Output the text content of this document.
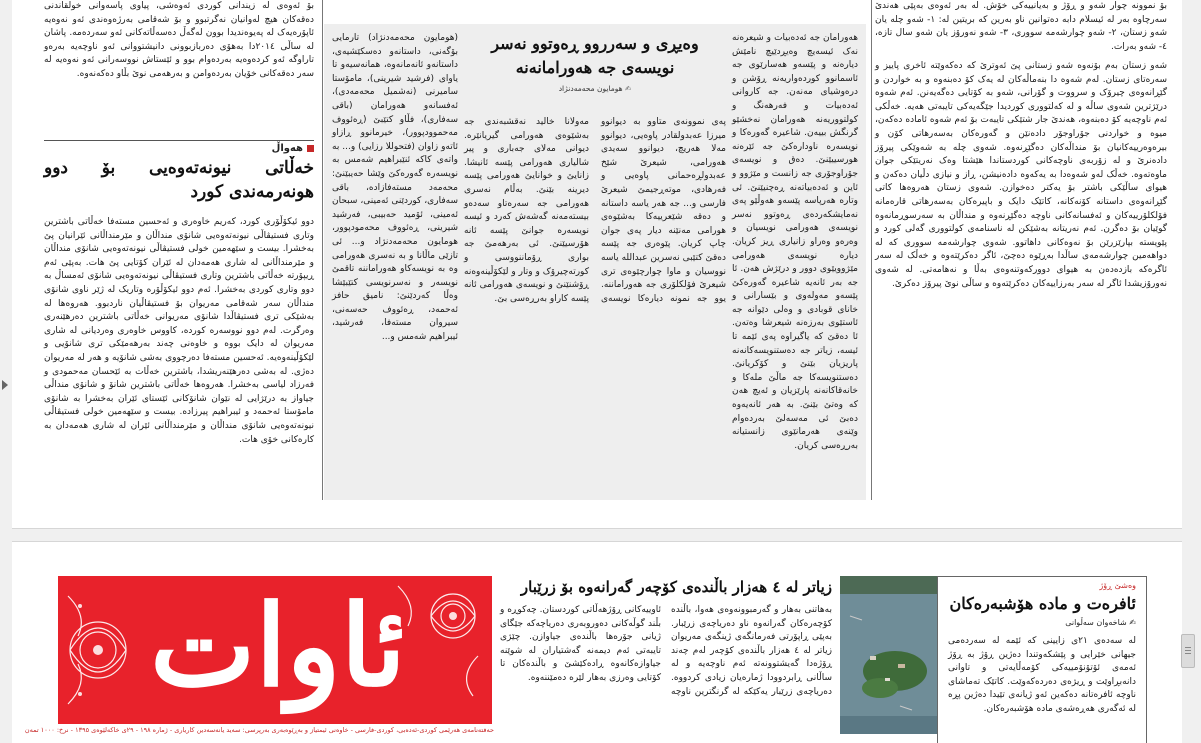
بۆ نموونە چوار شەو و ڕۆژ و بەیانییەکی خۆش. لە بەر ئەوەی بەپێی هەندێ سەرچاوە بەر لە ئیسلام دابە دەتوانین ناو بەرین کە بریتین لە: ١- شەو چلە یان شەو زستان، ٢- شەو چوارشەمە سووری، ٣- شەو نەورۆز یان شەو سال تازە، ٤- شەو بەرات.
شەو زستان بەم بۆنەوە شەو زستانی پێ ئەوترێ کە دەکەوێتە ئاخری پاییز و سەرەتای زستان. لەم شەوە دا بنەماڵەکان لە یەک کۆ دەبنەوە و بە خواردن و گێڕانەوەی چیرۆک و سرووت و گۆرانی، شەو بە کۆتایی دەگەیەنن. ئەم شەوە درێژترین شەوی ساڵە و لە کەلتووری کوردیدا جێگەیەکی تایبەتی هەیە. خەڵکی ئەم ناوچەیە کۆ دەبنەوە، هەندێ جار شتێکی تایبەت بۆ ئەم شەوە ئامادە دەکەن، میوە و خواردنی جۆراوجۆر دادەنێن و گەورەکان بەسەرهاتی کۆن و بیرەوەرییەکانیان بۆ منداڵەکان دەگێڕنەوە. شەوی چلە بە شەوێکی پیرۆز دادەنرێ و لە زۆربەی ناوچەکانی کوردستاندا هێشتا وەک نەریتێکی جوان ماوەتەوە. خەڵک لەو شەوەدا بە یەکەوە دادەنیشن، ڕاز و نیازی دڵیان دەکەن و هیوای ساڵێکی باشتر بۆ یەکتر دەخوازن. شەوی زستان هەروەها کاتی گێڕانەوەی داستانە کۆنەکانە، کاتێک دایک و باپیرەکان بەسەرهاتی قارەمانە فۆلکلۆرییەکان و ئەفسانەکانی ناوچە دەگێڕنەوە و منداڵان بە سەرسوڕمانەوە گوێیان بۆ دەگرن. ئەم نەریتانە بەشێکن لە ناسنامەی کولتووری گەلی کورد و پێویستە بپارێزرێن بۆ نەوەکانی داهاتوو. شەوی چوارشەمە سووری کە لە دواهەمین چوارشەمەی ساڵدا بەڕێوە دەچێ، ئاگر دەکرێتەوە و خەڵک لە سەر ئاگرەکە بازدەدەن بە هیوای دوورکەوتنەوەی بەڵا و نەهامەتی. لە شەوی نەورۆزیشدا ئاگر لە سەر بەرزاییەکان دەکرێتەوە و ساڵی نوێ پیرۆز دەکرێ.
وەیڕی و سەرروو ڕەوتوو نەسر نویسەی جە هەورامانەنە
✍ هومایون محەمەدنژاد
هەورامان جە ئەدەبیات و شیعرەنە نەک ئیسەیچ وەیڕدێیچ نامێش دیارەنە و پێسەو هەسارێوی جە ئاسمانوو کوردەواریەنە ڕۆشن و درەوشیای مەنەن. جە کاروانی ئەدەبیات و فەرهەنگ و کولتووریەنە هەورامان نەخشێو گرنگش بییەن. شاعیرە گەورەکا و نویسەرە ناودارەکێ جە ئێرەنە هورسییێنێ. دەق و نویسەی جۆراوجۆری جە زانست و مێژوو و ئاین و ئەدەبیاتەنە ڕەچنیێنێ. ئی وتارە هەرپاسە پێسەو هەوڵێو پەی نەمایشکەردەی ڕەوتوو نەسر نویسەی هەورامی نویسیان و وەرەو وەراو زانیاری ڕیز کریان. دیارە نویسەی هەورامی مێژوویێوی دوور و درێژش هەن. ئا جە بەر ئانەیە شاعیرە گەورەکێ پێسەو مەولەوی و بێسارانی و خانای قوبادی و وەلی دێوانە جە ئاستێوی بەرزەنە شیعرشا وەتەن. ئا دەقێ کە یاگیراوە پەی ئێمە تا ئیسە، زیاتر جە دەستنویسەکانەنە پاریزیان بێنێ و کۆکریانێ. دەستنویسەکا جە ماڵێ ملەکا و خانەقاکانەنە پارێزیان و ئەیچ هەن کە وەتێ بێنێ. بە هەر ئانەیەوە دەبێ ئی مەسەلێ بەردەوام وێنەی هەرمانێوی زانستیانە بەرڕەسی کریان.
پەی نموونەی متاوو بە دیوانوو میرزا عەبدولقادر پاوەیی، دیوانوو مەلا هەریچ، دیوانوو سەیدی هەورامی، شیعرێ شێخ عەبدولڕەحمانی پاوەیی و فەرهادی، موتەڕجیمێ شیعرێ فارسی و... جە هەر یاسە داستانە و دەقە شێعرییەکا بەشێوەی هورامی مەنێنە دیار پەی جوان چاپ کریان. پێوەری جە پێسە دەقێ کتێبی نەسرین عبدالله یاسە نووسیان و ماوا چوارچێوەی تری شیعرێ فۆلکلۆری جە هەوراماننە. یوو جە نمونە دیارەکا نویسەی مەولانا خالید نەقشبەندی جە بەشێوەی هەورامی گیریانێرە. دیوانی مەلای جەباری و پیر شالیاری هەورامی پێسە ئانیشا. زانایێ و خوانایێ هەورامی پێسە دیرینە بێنێ. بەڵام نەسری هەورامی جە سەرەتاو سەدەو بیستەمەنە گەشەش کەرد و ئیسە نویسەرە جوانێ پێسە ئانە هۆرسیێنێ. ئی بەرهەمێ جە بواری ڕۆماننووسی و کورتەچیرۆک و وتار و لێکۆڵینەوەنە ڕۆشنێنێ و نویسەی هەورامی ئانە پێسە کاراو بەرڕەسی بێ.
(هومایون محەمەدنژاد) تارمایی بۆگەنی، داستانەو دەسکێشیەی، داستانەو ئانەمانەوە، همانەسیەو تا یاوای (فرشید شیرینی)، مامۆستا سامیرنی (نەشمیل محەمەدی)، ئەفسانەو هەورامان (باقی سەفاری)، فڵاو کتێبێ (ڕەئووف مەحموودپوور)، خیرمانوو ڕازاو ئاتەو زاوان (فتحوللا رزایی) و... بە واتەی کاکە ئنێبراهیم شەمس بە نویسەرە گەورەکێ وێشا حەیبێنێ: محەمەد مستەفازادە، باقی سەفاری، کوردێنی ئەمینی، سبحان ئەمینی، ئۆمید حەبیبی، فەرشید شیرینی، ڕەئووف محەمودپوور، هومایون محەمەدنژاد و... ئی تازێی ماڵانا و بە نەسری هەورامی وە بە نویسەکاو هەوراماننە تاقمێ نویسەر و نەسرنویسی کتێبێشا وەڵا کەردێنێ: نامیق حافز ئەحمەد، ڕەئووف حەسەنی، سیروان مستەفا، فەرشید، ئیبراهیم شەمس و...
بۆ ئەوەی لە زیندانی کوردی ئەوەشی، پیاوی پاسەوانی خولقاندنی دەقەکان هیچ لەوانیان نەگرتبوو و بۆ شەقامی بەرژەوەندی ئەو نەوەیە ئاپۆرەیەک لە پەیوەندیدا بوون لەگەڵ دەسەڵاتەکانی ئەو سەردەمە. پاشان لە ساڵی ٢٠١٤دا بەهۆی دەربازبوونی دانیشتووانی ئەو ناوچەیە بەرەو تاراوگە ئەو کردەوەیە بەردەوام بوو و ئێستاش نووسەرانی ئەو نەوەیە لە سەر دەقەکانی خۆیان بەردەوامن و بەرهەمی نوێ بڵاو دەکەنەوە.
هەواڵ
خەڵاتی نیونەتەوەیی بۆ دوو هونەرمەندی کورد
دوو ئیکۆڵۆری کورد، کەریم خاوەری و ئەحسین مستەفا خەڵاتی باشترین وتاری فستیڤاڵی نیونەتەوەیی شانۆی منداڵان و مێرمنداڵانی ئێرانیان پێ بەخشرا. بیست و سێهەمین خولی فستیڤاڵی نیونەتەوەیی شانۆی منداڵان و مێرمنداڵانی لە شاری هەمەدان لە ئێران کۆتایی پێ هات. بەپێی ئەم ڕیپۆرتە خەڵاتی باشترین وتاری فستیڤاڵی نیونەتەوەیی شانۆی ئەمساڵ بە دوو وتاری کوردی بەخشرا. ئەم دوو ئیکۆڵۆرە وتاریک لە ژێر ناوی شانۆی منداڵان سەر شەقامی مەریوان بۆ فستیڤاڵیان ناردبوو. هەروەها لە بەشێکی تری فستیڤاڵدا شانۆی مەریوانی خەڵاتی باشترین دەرهێنەری وەرگرت. لەم دوو نووسەرە کوردە، کاووس خاوەری وەردیانی لە شاری مەریوان لە دایک بووە و خاوەنی چەند بەرهەمێکی تری شانۆیی و لێکۆڵینەوەیە. ئەحسین مستەفا دەرچووی بەشی شانۆیە و هەر لە مەریوان دەژی. لە بەشی دەرهێنەریشدا، باشترین خەڵات بە ئێحسان مەحمودی و فەرزاد لیاسی بەخشرا. هەروەها خەڵاتی باشترین شانۆ و شانۆی منداڵی جیاواز بە درێژایی لە نێوان شانۆکانی ئێستای ئێران بەخشرا بە شانۆی مامۆستا ئەحمەد و ئیبراهیم پیرزادە. بیست و سێهەمین خولی فستیڤاڵی نیونەتەوەیی شانۆی منداڵان و مێرمنداڵانی ئێران لە شاری هەمەدان بە کارەکانی خۆی هات.
وەشێ ڕۆژ
ئافرەت و مادە هۆشبەرەکان
✍ شاخەوان سەڵوانی
لە سەدەی ٢١ی زایینی کە ئێمە لە سەردەمی جیهانی خێرایی و پێشکەوتندا دەژین ڕۆژ بە ڕۆژ ئەمەی ئۆتۆنۆمییەکی کۆمەڵایەتی و تاوانی دانەبڕاوێت و ڕیژەی دەردەکەوێت. کاتێک تەماشای ناوچە ئافرەتانە دەکەین ئەو ژیانەی تێیدا دەژین پڕە لە ئەگەری هەڕەشەی مادە هۆشبەرەکان.
زیاتر لە ٤ هەزار باڵندەی کۆچەر گەرانەوە بۆ زرێبار
بەهاتنی بەهار و گەرمبوونەوەی هەوا، باڵندە کۆچەرەکان گەرانەوە ناو دەریاچەی زرێبار. بەپێی ڕاپۆرتی فەرمانگەی ژینگەی مەریوان زیاتر لە ٤ هەزار باڵندەی کۆچەر لەم چەند ڕۆژەدا گەیشتوونەتە ئەم ناوچەیە و لە ساڵانی ڕابردوودا ژمارەیان زیادی کردووە. دەریاچەی زرێبار یەکێکە لە گرنگترین ناوچە ئاوییەکانی ڕۆژهەڵاتی کوردستان. چەکوڕە و بڵند گوڵەکانی دەوروبەری دەریاچەکە جێگای ژیانی جۆرەها باڵندەی جیاوازن. چێژی تایبەتی ئەم دیمەنە گەشتیاران لە شوێنە جیاوازەکانەوە ڕادەکێشێ و باڵندەکان تا کۆتایی وەرزی بەهار لێرە دەمێننەوە.
ئاوات
حەفتەنامەی هەرێمی کوردی-ئەدەبی، کوردی-فارسی - خاوەنی ئیمتیاز و بەڕێوەبەری بەرپرسی: سەید یانەسەدین کاریاری - ژمارە ١٩٨ - ٢٩ی خاکەلێوەی ١٣٩٥ - نرخ: ١٠٠٠ تمەن
